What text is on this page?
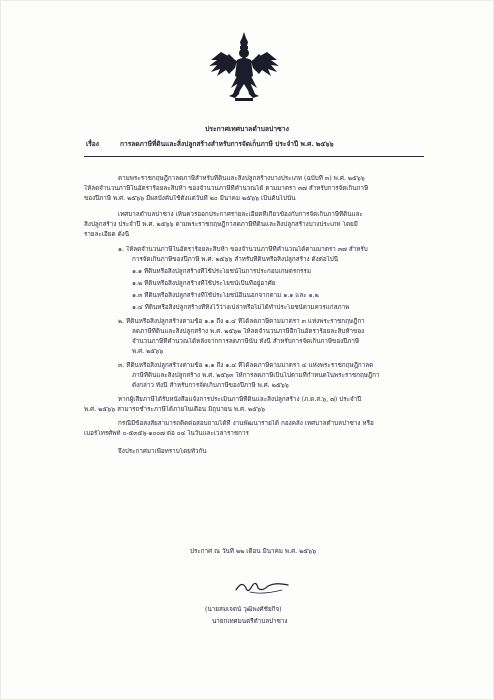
ประกาศเทศบาลตำบลปาซาง
เรื่อง	การลดภาษีที่ดินและสิ่งปลูกสร้างสำหรับการจัดเก็บภาษี ประจำปี พ.ศ. ๒๕๖๖
ตามพระราชกฤษฎีกาลดภาษีสำหรับที่ดินและสิ่งปลูกสร้างบางประเภท (ฉบับที่ ๓) พ.ศ. ๒๕๖๖
ให้ลดจำนวนภาษีในอัตราร้อยละสิบห้า ของจำนวนภาษีที่คำนวณได้ ตามมาตรา ๓๗ สำหรับการจัดเก็บภาษี
ของปีภาษี พ.ศ. ๒๕๖๖ มีผลบังคับใช้ตั้งแต่วันที่ ๒๐ มีนาคม ๒๕๖๖ เป็นต้นไปนั้น
เทศบาลตำบลปาซาง เห็นควรออกประกาศรายละเอียดที่เกี่ยวข้องกับการจัดเก็บภาษีที่ดินและ
สิ่งปลูกสร้าง ประจำปี พ.ศ. ๒๕๖๖ ตามพระราชกฤษฎีกาลดภาษีที่ดินและสิ่งปลูกสร้างบางประเภท โดยมี
รายละเอียด ดังนี้
๑. ให้ลดจำนวนภาษีในอัตราร้อยละสิบห้า ของจำนวนภาษีที่คำนวณได้ตามมาตรา ๓๗ สำหรับ
การจัดเก็บภาษีของปีภาษี พ.ศ. ๒๕๖๖ สำหรับที่ดินหรือสิ่งปลูกสร้าง ดังต่อไปนี้
๑.๑ ที่ดินหรือสิ่งปลูกสร้างที่ใช้ประโยชน์ในการประกอบเกษตรกรรม
๑.๒ ที่ดินหรือสิ่งปลูกสร้างที่ใช้ประโยชน์เป็นที่อยู่อาศัย
๑.๓ ที่ดินหรือสิ่งปลูกสร้างที่ใช้ประโยชน์อื่นนอกจากตาม ๑.๑ และ ๑.๒
๑.๔ ที่ดินหรือสิ่งปลูกสร้างที่ทิ้งไว้ว่างเปล่าหรือไม่ได้ทำประโยชน์ตามควรแก่สภาพ
๒. ที่ดินหรือสิ่งปลูกสร้างตามข้อ ๑.๑ ถึง ๑.๔ ที่ได้ลดภาษีตามมาตรา ๓ แห่งพระราชกฤษฎีกา
ลดภาษีที่ดินและสิ่งปลูกสร้าง พ.ศ. ๒๕๖๒ ให้ลดจำนวนภาษีอีกในอัตราร้อยละสิบห้าของ
จำนวนภาษีที่คำนวณได้หลังจากการลดภาษีนั้น ทั้งนี้ สำหรับการจัดเก็บภาษีของปีภาษี
พ.ศ. ๒๕๖๖
๓. ที่ดินหรือสิ่งปลูกสร้างตามข้อ ๑.๑ ถึง ๑.๔ ที่ได้ลดภาษีตามมาตรา ๔ แห่งพระราชกฤษฎีกาลด
ภาษีที่ดินและสิ่งปลูกสร้าง พ.ศ. ๒๕๖๓ ให้การลดภาษีเป็นไปตามที่กำหนดในพระราชกฤษฎีกา
ดังกล่าว ทั้งนี้ สำหรับการจัดเก็บภาษีของปีภาษี พ.ศ. ๒๕๖๖
หากผู้เสียภาษีได้รับหนังสือแจ้งการประเมินภาษีที่ดินและสิ่งปลูกสร้าง (ภ.ด.ส.๖, ๗) ประจำปี
พ.ศ. ๒๕๖๖ สามารถชำระภาษีได้ภายในเดือน มิถุนายน พ.ศ. ๒๕๖๖
กรณีมีข้อสงสัยสามารถติดต่อสอบถามได้ที่ งานพัฒนารายได้ กองคลัง เทศบาลตำบลปาซาง หรือ
เบอร์โทรศัพท์ ๐-๕๓๕๖-๑๐๐๗ ต่อ ๐๔ ในวันและเวลาราชการ
จึงประกาศมาเพื่อทราบโดยทั่วกัน
ประกาศ ณ วันที่ ๒๒ เดือน มีนาคม พ.ศ. ๒๕๖๖
(นายสมเจตน์ วุฒิพงศ์ชัยกิจ)
นายกเทศมนตรีตำบลปาซาง
